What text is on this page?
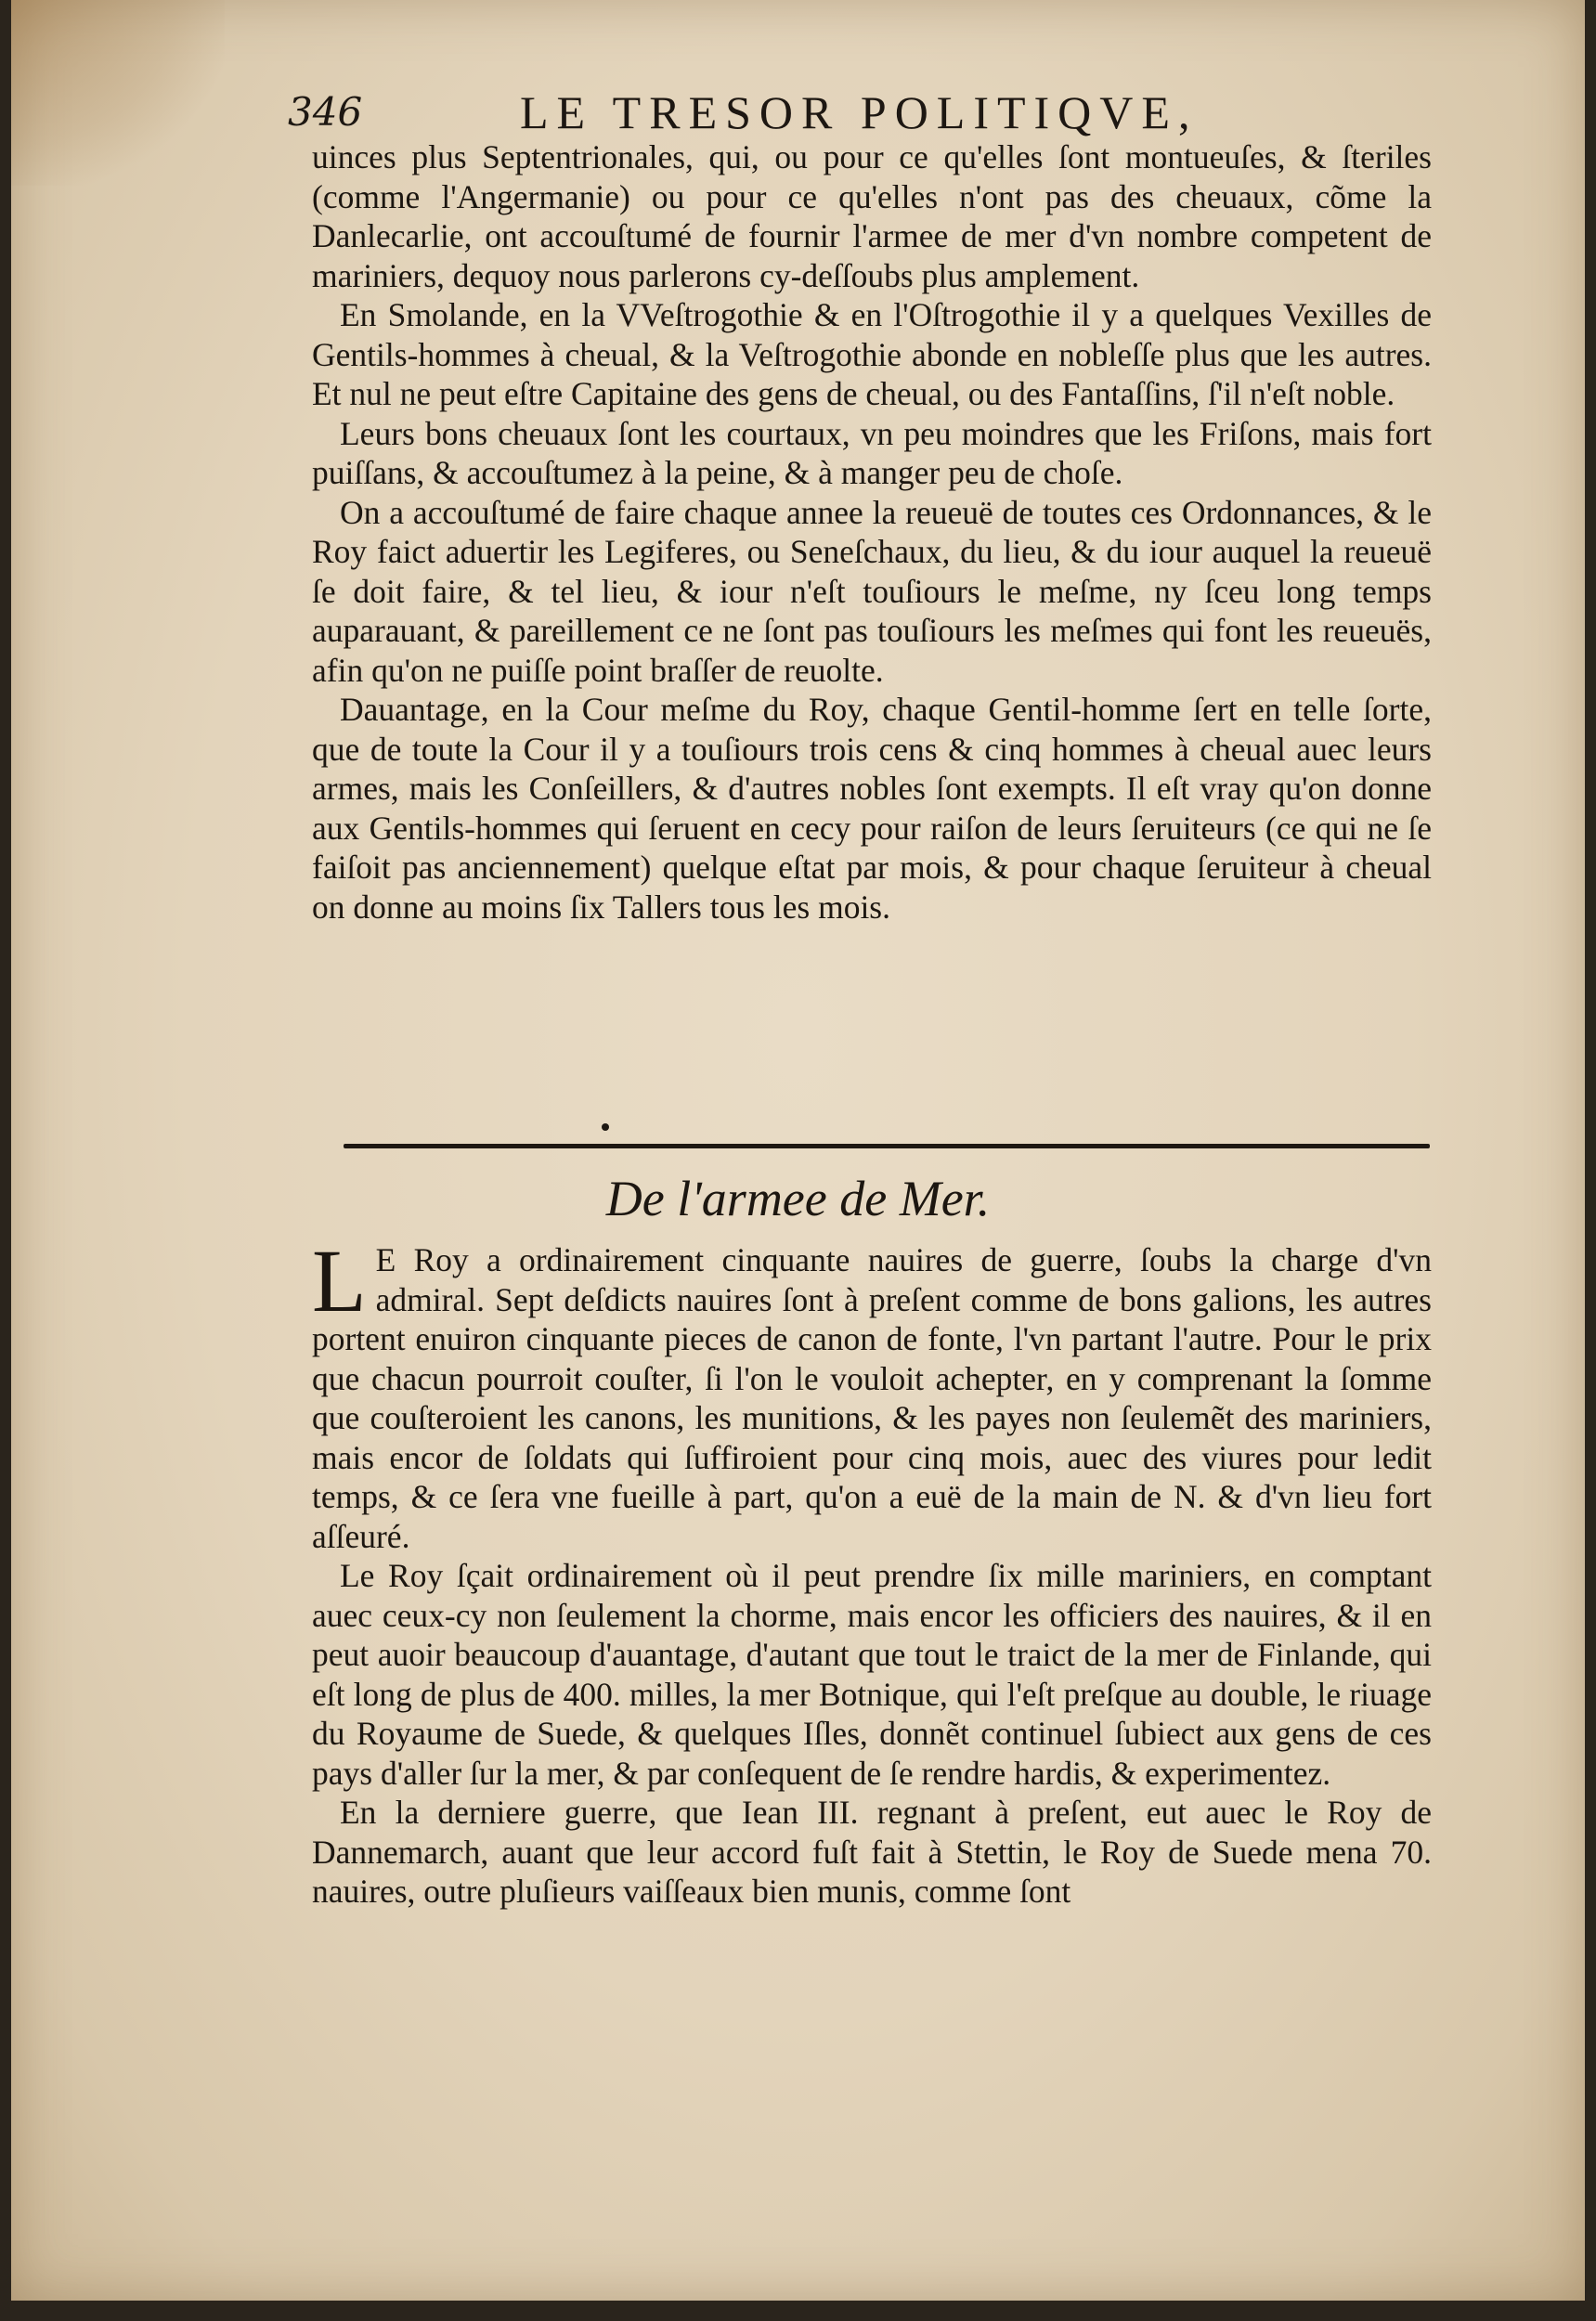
346	LE TRESOR POLITIQVE,

uinces plus Septentrionales, qui, ou pour ce qu'elles ſont montueuſes, & ſteriles (comme l'Angermanie) ou pour ce qu'elles n'ont pas des cheuaux, cõme la Danlecarlie, ont accouſtumé de fournir l'armee de mer d'vn nombre competent de mariniers, dequoy nous parlerons cy-deſſoubs plus amplement.

En Smolande, en la VVeſtrogothie & en l'Oſtrogothie il y a quelques Vexilles de Gentils-hommes à cheual, & la Veſtrogothie abonde en nobleſſe plus que les autres. Et nul ne peut eſtre Capitaine des gens de cheual, ou des Fantaſſins, ſ'il n'eſt noble.

Leurs bons cheuaux ſont les courtaux, vn peu moindres que les Friſons, mais fort puiſſans, & accouſtumez à la peine, & à manger peu de choſe.

On a accouſtumé de faire chaque annee la reueuë de toutes ces Ordonnances, & le Roy faict aduertir les Legiferes, ou Seneſchaux, du lieu, & du iour auquel la reueuë ſe doit faire, & tel lieu, & iour n'eſt touſiours le meſme, ny ſceu long temps auparauant, & pareillement ce ne ſont pas touſiours les meſmes qui font les reueuës, afin qu'on ne puiſſe point braſſer de reuolte.

Dauantage, en la Cour meſme du Roy, chaque Gentil-homme ſert en telle ſorte, que de toute la Cour il y a touſiours trois cens & cinq hommes à cheual auec leurs armes, mais les Conſeillers, & d'autres nobles ſont exempts. Il eſt vray qu'on donne aux Gentils-hommes qui ſeruent en cecy pour raiſon de leurs ſeruiteurs (ce qui ne ſe faiſoit pas anciennement) quelque eſtat par mois, & pour chaque ſeruiteur à cheual on donne au moins ſix Tallers tous les mois.

De l'armee de Mer.

L E Roy a ordinairement cinquante nauires de guerre, ſoubs la charge d'vn admiral. Sept deſdicts nauires ſont à preſent comme de bons galions, les autres portent enuiron cinquante pieces de canon de fonte, l'vn partant l'autre. Pour le prix que chacun pourroit couſter, ſi l'on le vouloit achepter, en y comprenant la ſomme que couſteroient les canons, les munitions, & les payes non ſeulemẽt des mariniers, mais encor de ſoldats qui ſuffiroient pour cinq mois, auec des viures pour ledit temps, & ce ſera vne fueille à part, qu'on a euë de la main de N. & d'vn lieu fort aſſeuré.

Le Roy ſçait ordinairement où il peut prendre ſix mille mariniers, en comptant auec ceux-cy non ſeulement la chorme, mais encor les officiers des nauires, & il en peut auoir beaucoup d'auantage, d'autant que tout le traict de la mer de Finlande, qui eſt long de plus de 400. milles, la mer Botnique, qui l'eſt preſque au double, le riuage du Royaume de Suede, & quelques Iſles, donnẽt continuel ſubiect aux gens de ces pays d'aller ſur la mer, & par conſequent de ſe rendre hardis, & experimentez.

En la derniere guerre, que Iean III. regnant à preſent, eut auec le Roy de Dannemarch, auant que leur accord fuſt fait à Stettin, le Roy de Suede mena 70. nauires, outre pluſieurs vaiſſeaux bien munis, comme ſont
